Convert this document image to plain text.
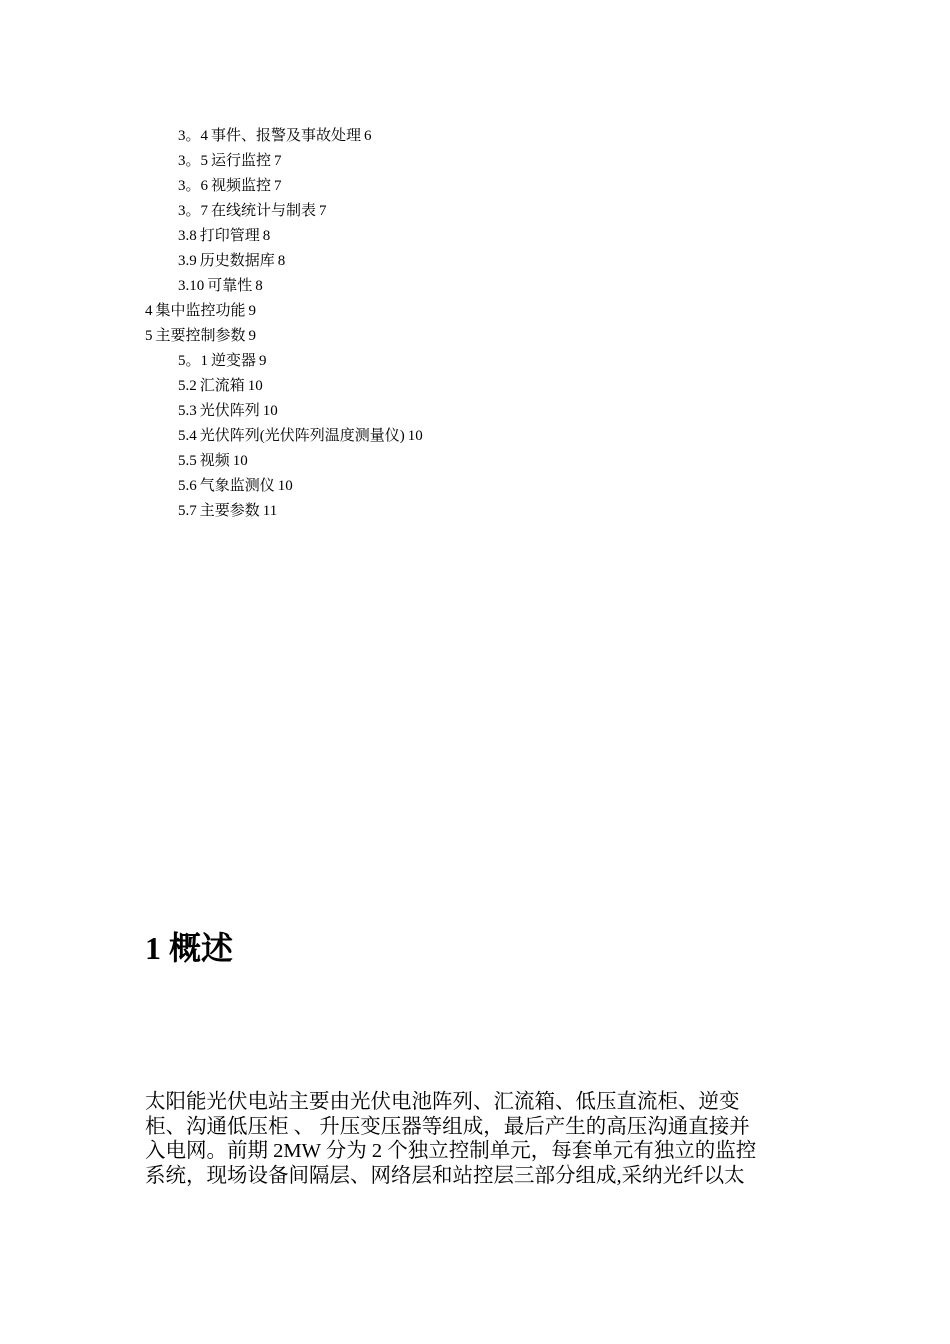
3。4 事件、报警及事故处理 6
3。5 运行监控 7
3。6 视频监控 7
3。7 在线统计与制表 7
3.8 打印管理 8
3.9 历史数据库 8
3.10 可靠性 8
4 集中监控功能 9
5 主要控制参数 9
5。1 逆变器 9
5.2 汇流箱 10
5.3 光伏阵列 10
5.4 光伏阵列(光伏阵列温度测量仪) 10
5.5 视频 10
5.6 气象监测仪 10
5.7 主要参数 11
1 概述
太阳能光伏电站主要由光伏电池阵列、汇流箱、低压直流柜、逆变
柜、沟通低压柜 、 升压变压器等组成，最后产生的高压沟通直接并
入电网。前期 2MW 分为 2 个独立控制单元，每套单元有独立的监控
系统，现场设备间隔层、网络层和站控层三部分组成,采纳光纤以太
